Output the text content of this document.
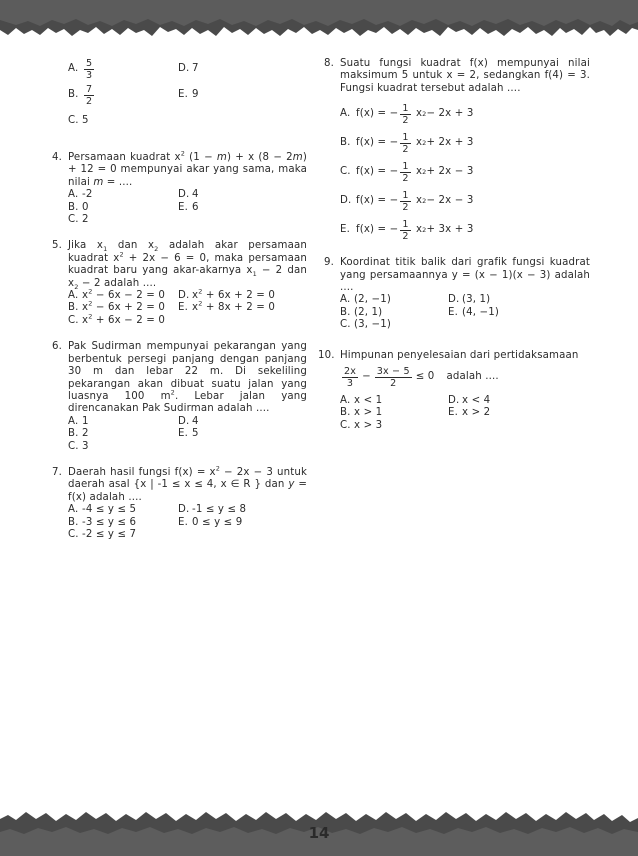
A. $\frac{5}{3}$	D. 7
B. $\frac{7}{2}$	E. 9
C. 5
4. Persamaan kuadrat $x^2$ (1 − m) + x (8 − 2m) + 12 = 0 mempunyai akar yang sama, maka nilai m = ....

A. -2	D. 4
B. 0	E. 6
C. 2
5. Jika $x_1$ dan $x_2$ adalah akar persamaan kuadrat $x^2 + 2x - 6 = 0$, maka persamaan kuadrat baru yang akar-akarnya $x_1 - 2$ dan $x_2 - 2$ adalah ....

A. $x^2 - 6x - 2 = 0$	D. $x^2 + 6x + 2 = 0$
B. $x^2 - 6x + 2 = 0$	E. $x^2 + 8x + 2 = 0$
C. $x^2 + 6x - 2 = 0$
6. Pak Sudirman mempunyai pekarangan yang berbentuk persegi panjang dengan panjang 30 m dan lebar 22 m. Di sekeliling pekarangan akan dibuat suatu jalan yang luasnya 100 $m^2$. Lebar jalan yang direncanakan Pak Sudirman adalah ....

A. 1	D. 4
B. 2	E. 5
C. 3
7. Daerah hasil fungsi $f(x) = x^2 - 2x - 3$ untuk daerah asal {x | -1 ≤ x ≤ 4, x ∈ R } dan y = f(x) adalah ....

A. -4 ≤ y ≤ 5	D. -1 ≤ y ≤ 8
B. -3 ≤ y ≤ 6	E. 0 ≤ y ≤ 9
C. -2 ≤ y ≤ 7
8. Suatu fungsi kuadrat f(x) mempunyai nilai maksimum 5 untuk x = 2, sedangkan f(4) = 3. Fungsi kuadrat tersebut adalah ....

A. f(x) = − $\frac{1}{2}$
x 2 − 2x + 3
B. f(x) = − $\frac{1}{2}$
x 2 + 2x + 3
C. f(x) = − $\frac{1}{2}$
x 2 + 2x − 3
D. f(x) = − $\frac{1}{2}$
x 2 − 2x − 3
E. f(x) = − $\frac{1}{2}$
x 2 + 3x + 3
9. Koordinat titik balik dari grafik fungsi kuadrat yang persamaannya y = (x − 1)(x − 3) adalah ....

A. (2, −1)	D. (3, 1)
B. (2, 1)	E. (4, −1)
C. (3, −1)
10. Himpunan penyelesaian dari pertidaksamaan

$\frac{2x}{3} - \frac{3x - 5}{2} \le 0$ adalah ....
A. x < 1	D. x < 4
B. x > 1	E. x > 2
C. x > 3
14
